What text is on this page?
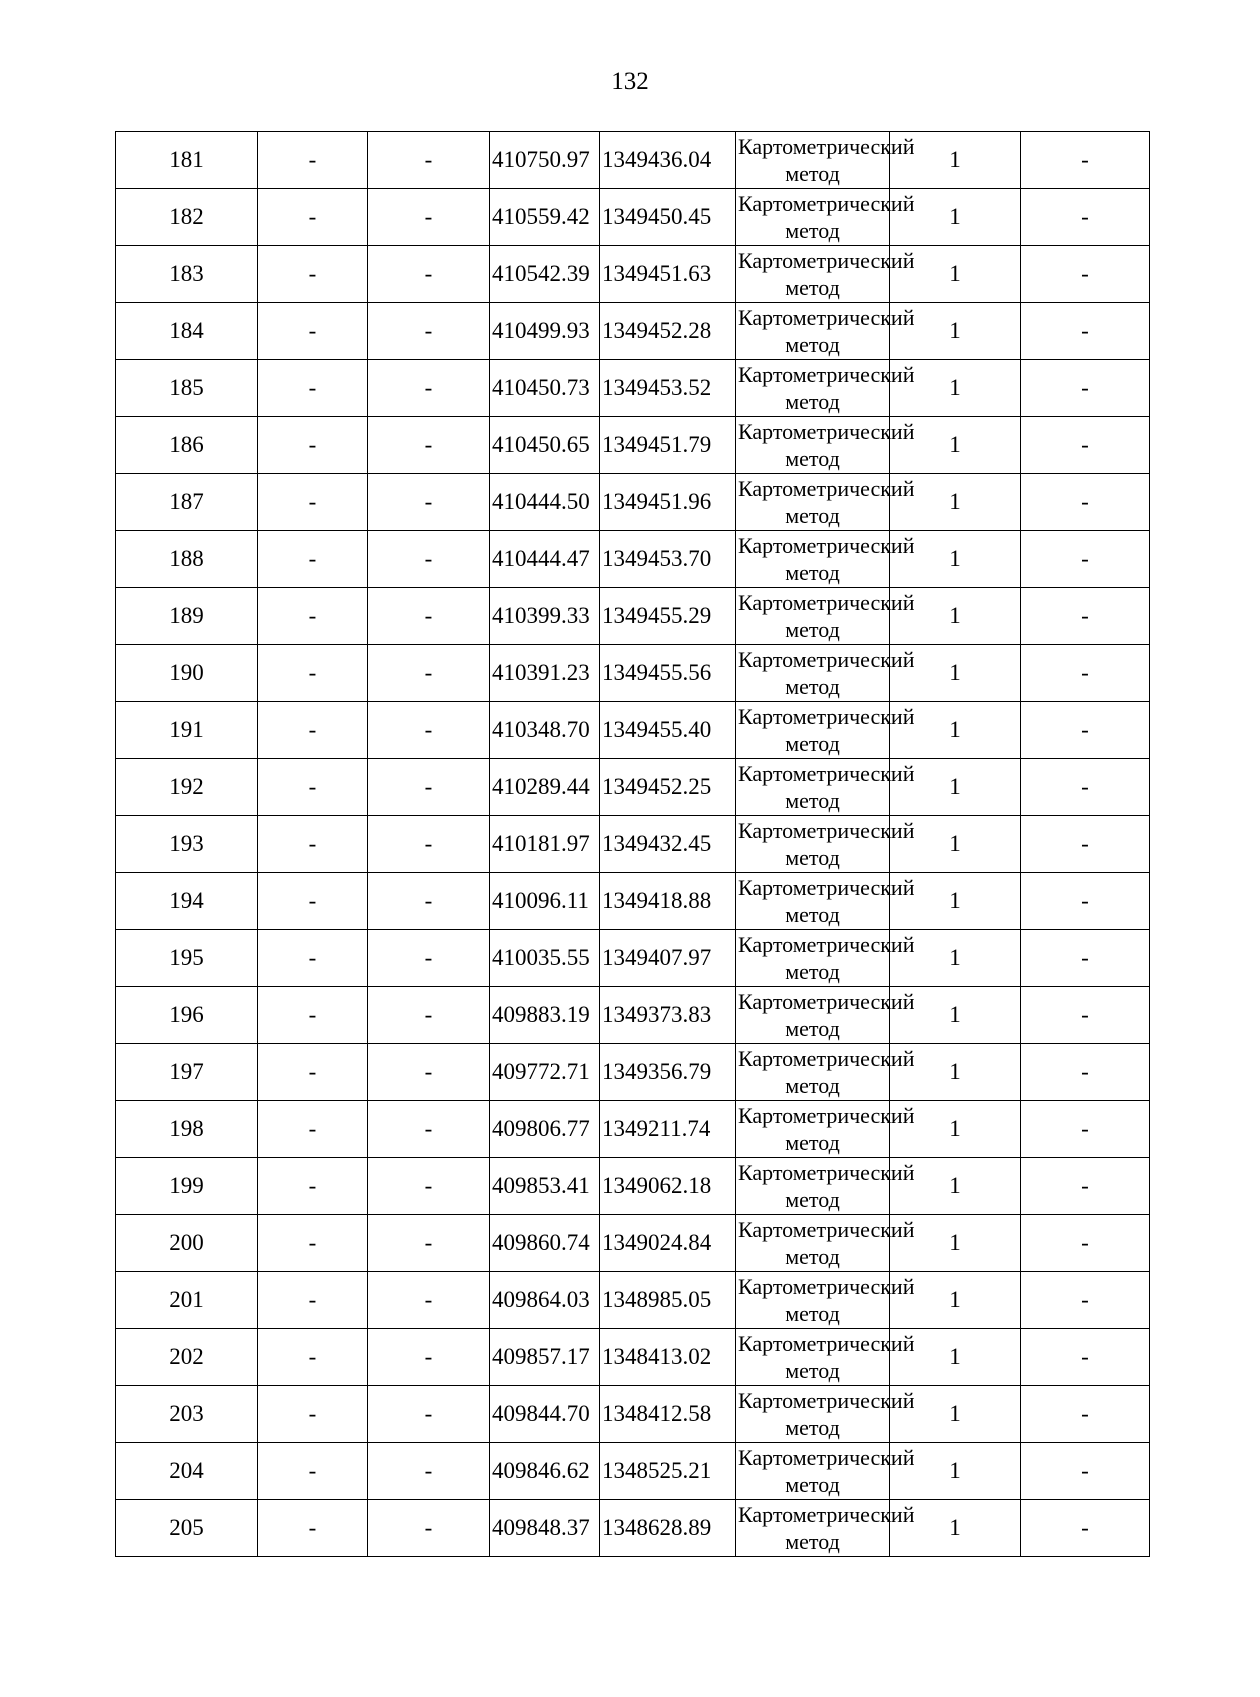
132
181	-	-	410750.97	1349436.04	Картометрический метод	1	-
182	-	-	410559.42	1349450.45	Картометрический метод	1	-
183	-	-	410542.39	1349451.63	Картометрический метод	1	-
184	-	-	410499.93	1349452.28	Картометрический метод	1	-
185	-	-	410450.73	1349453.52	Картометрический метод	1	-
186	-	-	410450.65	1349451.79	Картометрический метод	1	-
187	-	-	410444.50	1349451.96	Картометрический метод	1	-
188	-	-	410444.47	1349453.70	Картометрический метод	1	-
189	-	-	410399.33	1349455.29	Картометрический метод	1	-
190	-	-	410391.23	1349455.56	Картометрический метод	1	-
191	-	-	410348.70	1349455.40	Картометрический метод	1	-
192	-	-	410289.44	1349452.25	Картометрический метод	1	-
193	-	-	410181.97	1349432.45	Картометрический метод	1	-
194	-	-	410096.11	1349418.88	Картометрический метод	1	-
195	-	-	410035.55	1349407.97	Картометрический метод	1	-
196	-	-	409883.19	1349373.83	Картометрический метод	1	-
197	-	-	409772.71	1349356.79	Картометрический метод	1	-
198	-	-	409806.77	1349211.74	Картометрический метод	1	-
199	-	-	409853.41	1349062.18	Картометрический метод	1	-
200	-	-	409860.74	1349024.84	Картометрический метод	1	-
201	-	-	409864.03	1348985.05	Картометрический метод	1	-
202	-	-	409857.17	1348413.02	Картометрический метод	1	-
203	-	-	409844.70	1348412.58	Картометрический метод	1	-
204	-	-	409846.62	1348525.21	Картометрический метод	1	-
205	-	-	409848.37	1348628.89	Картометрический метод	1	-
